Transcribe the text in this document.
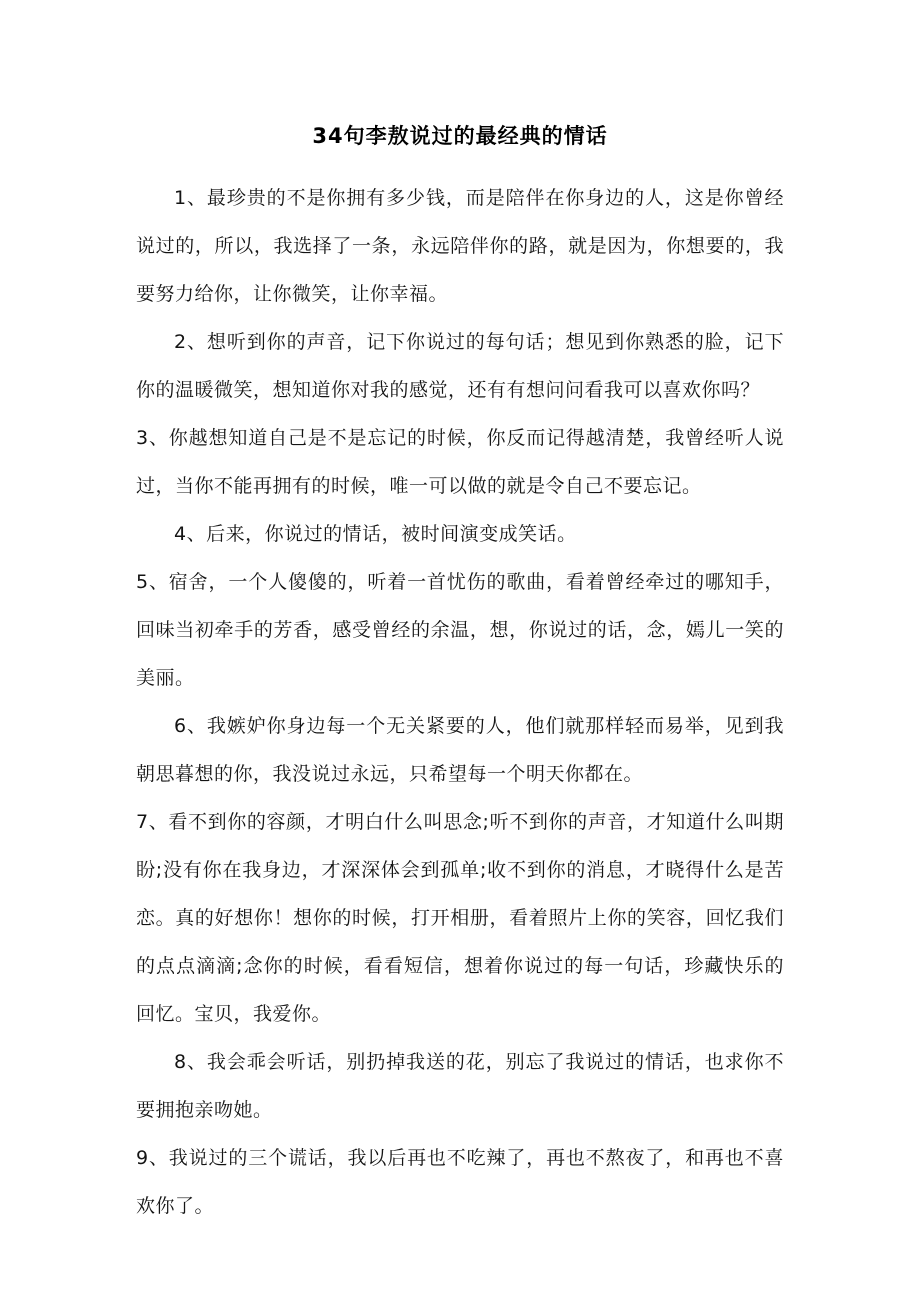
34句李敖说过的最经典的情话

1、最珍贵的不是你拥有多少钱，而是陪伴在你身边的人，这是你曾经说过的，所以，我选择了一条，永远陪伴你的路，就是因为，你想要的，我要努力给你，让你微笑，让你幸福。

2、想听到你的声音，记下你说过的每句话；想见到你熟悉的脸，记下你的温暖微笑，想知道你对我的感觉，还有有想问问看我可以喜欢你吗？

3、你越想知道自己是不是忘记的时候，你反而记得越清楚，我曾经听人说过，当你不能再拥有的时候，唯一可以做的就是令自己不要忘记。

4、后来，你说过的情话，被时间演变成笑话。

5、宿舍，一个人傻傻的，听着一首忧伤的歌曲，看着曾经牵过的哪知手，回味当初牵手的芳香，感受曾经的余温，想，你说过的话，念，嫣儿一笑的美丽。

6、我嫉妒你身边每一个无关紧要的人，他们就那样轻而易举，见到我朝思暮想的你，我没说过永远，只希望每一个明天你都在。

7、看不到你的容颜，才明白什么叫思念;听不到你的声音，才知道什么叫期盼;没有你在我身边，才深深体会到孤单;收不到你的消息，才晓得什么是苦恋。真的好想你！想你的时候，打开相册，看着照片上你的笑容，回忆我们的点点滴滴;念你的时候，看看短信，想着你说过的每一句话，珍藏快乐的回忆。宝贝，我爱你。

8、我会乖会听话，别扔掉我送的花，别忘了我说过的情话，也求你不要拥抱亲吻她。

9、我说过的三个谎话，我以后再也不吃辣了，再也不熬夜了，和再也不喜欢你了。
